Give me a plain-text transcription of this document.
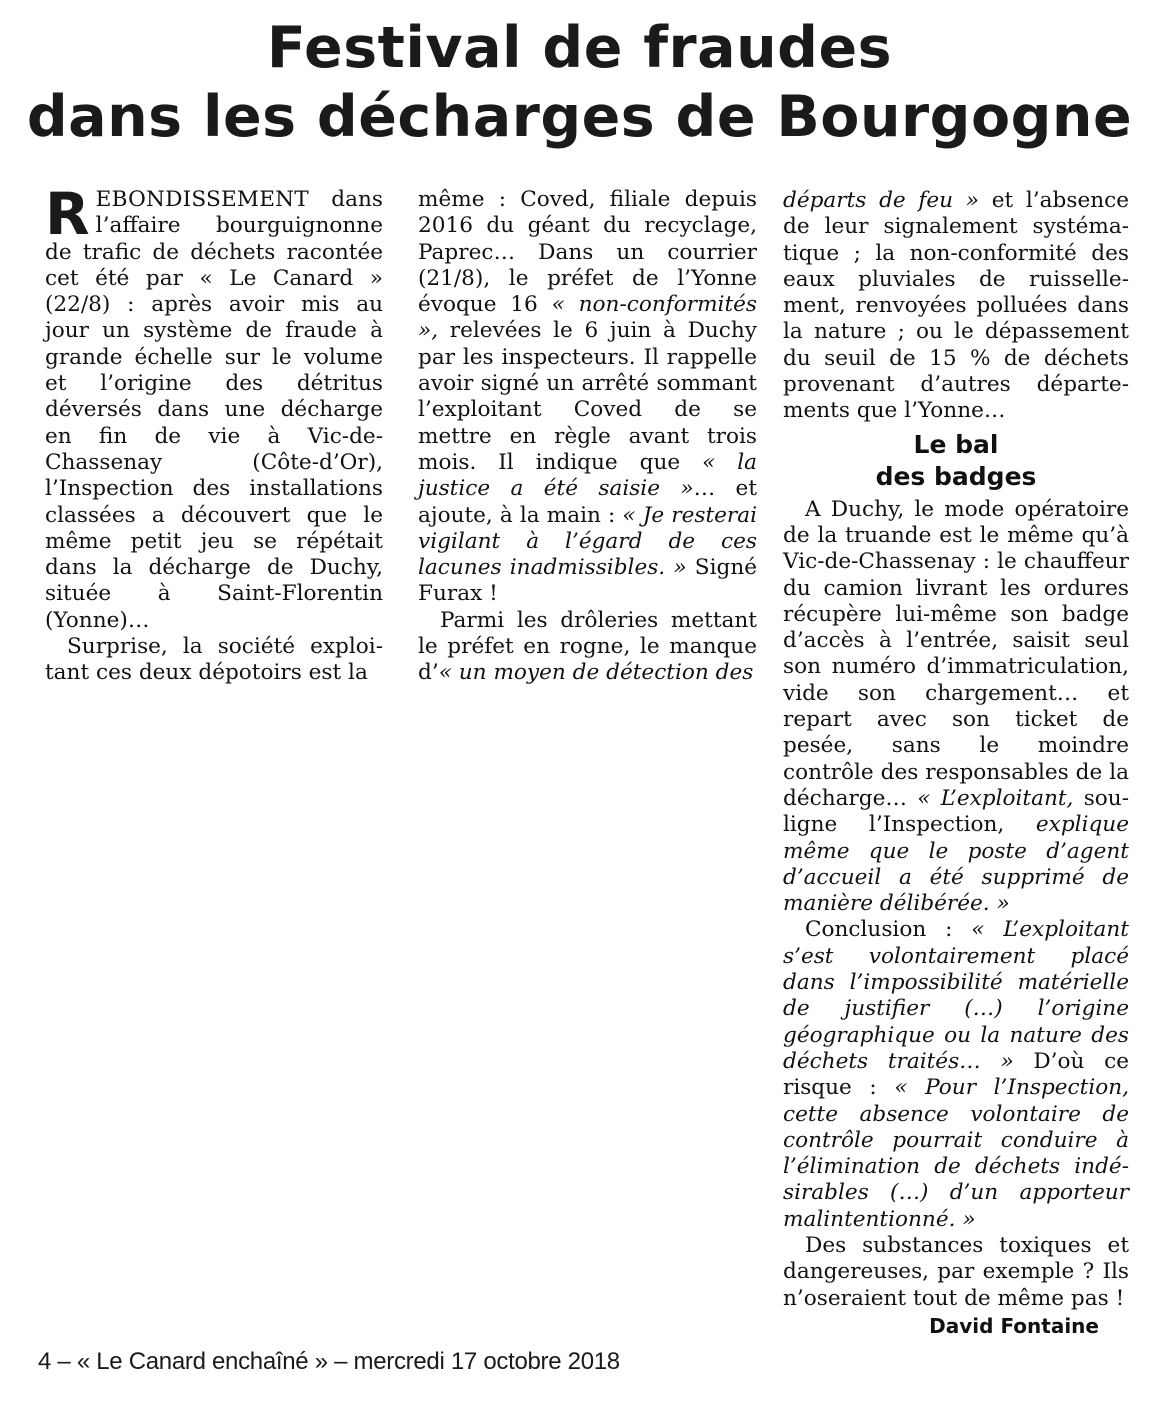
Festival de fraudes
dans les décharges de Bourgogne

REBONDISSEMENT dans l’affaire bourguignonne de trafic de déchets racontée cet été par « Le Canard » (22/8) : après avoir mis au jour un système de fraude à grande échelle sur le volume et l’origine des détritus déversés dans une décharge en fin de vie à Vic-de-Chassenay (Côte-d’Or), l’Inspection des installations classées a découvert que le même petit jeu se répétait dans la décharge de Duchy, située à Saint-Florentin (Yonne)…

Surprise, la société exploitant ces deux dépotoirs est la

même : Coved, filiale depuis 2016 du géant du recyclage, Paprec… Dans un courrier (21/8), le préfet de l’Yonne évoque 16 « non-conformités », relevées le 6 juin à Duchy par les inspecteurs. Il rappelle avoir signé un arrêté sommant l’exploitant Coved de se mettre en règle avant trois mois. Il indique que « la justice a été saisie »… et ajoute, à la main : « Je resterai vigilant à l’égard de ces lacunes inadmissibles. » Signé Furax !

Parmi les drôleries mettant le préfet en rogne, le manque d’« un moyen de détection des

départs de feu » et l’absence de leur signalement systématique ; la non-conformité des eaux pluviales de ruissellement, renvoyées polluées dans la nature ; ou le dépassement du seuil de 15 % de déchets provenant d’autres départements que l’Yonne…

Le bal
des badges

A Duchy, le mode opératoire de la truande est le même qu’à Vic-de-Chassenay : le chauffeur du camion livrant les ordures récupère lui-même son badge d’accès à l’entrée, saisit seul son numéro d’immatriculation, vide son chargement… et repart avec son ticket de pesée, sans le moindre contrôle des responsables de la décharge… « L’exploitant, souligne l’Inspection, explique même que le poste d’agent d’accueil a été supprimé de manière délibérée. »

Conclusion : « L’exploitant s’est volontairement placé dans l’impossibilité matérielle de justifier (…) l’origine géographique ou la nature des déchets traités… » D’où ce risque : « Pour l’Inspection, cette absence volontaire de contrôle pourrait conduire à l’élimination de déchets indésirables (…) d’un apporteur malintentionné. »

Des substances toxiques et dangereuses, par exemple ? Ils n’oseraient tout de même pas !

David Fontaine
4 – « Le Canard enchaîné » – mercredi 17 octobre 2018
